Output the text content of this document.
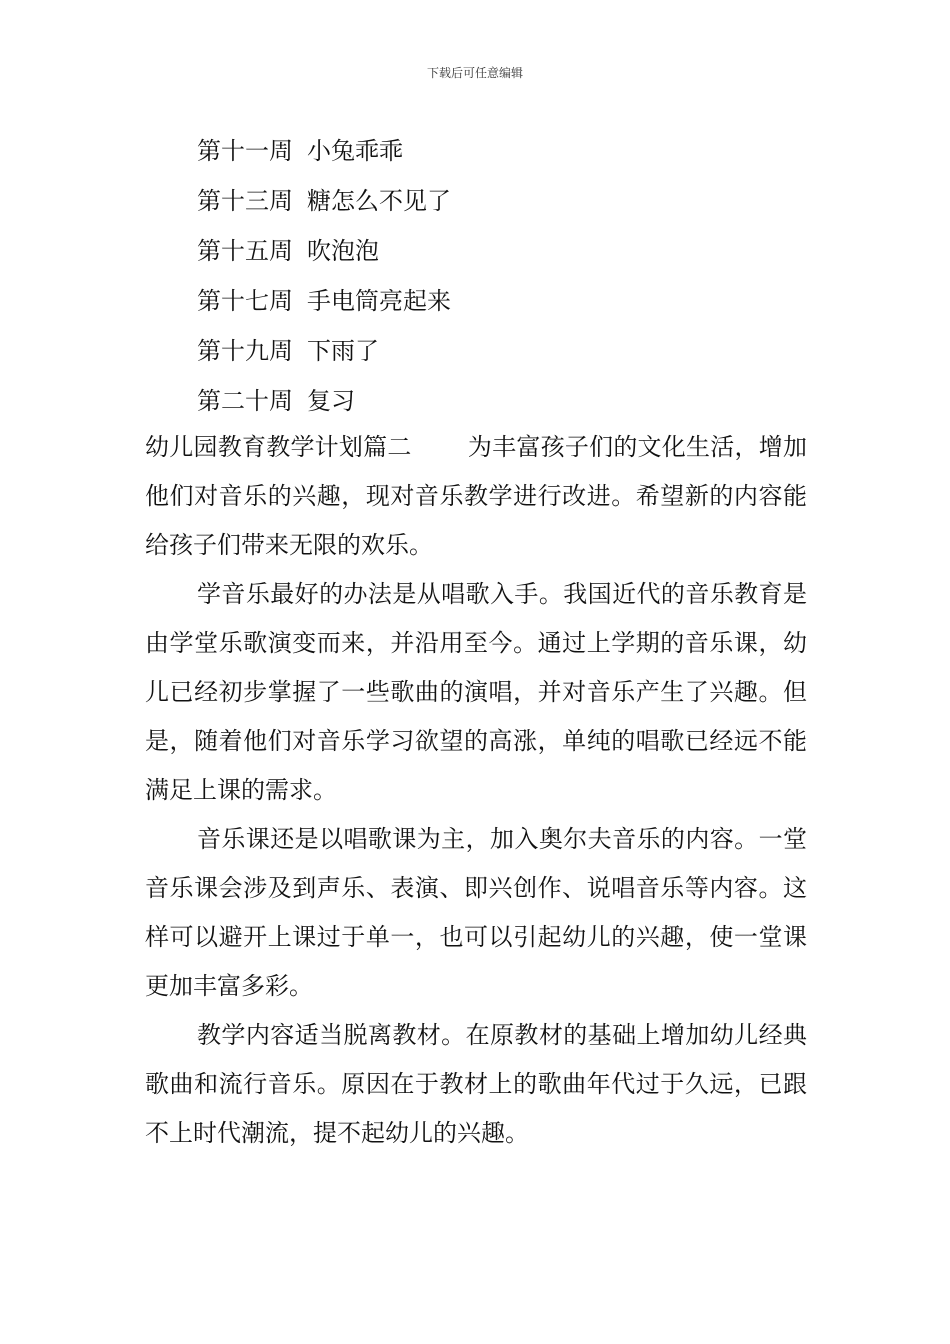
下载后可任意编辑
第十一周 小兔乖乖
第十三周 糖怎么不见了
第十五周 吹泡泡
第十七周 手电筒亮起来
第十九周 下雨了
第二十周 复习

幼儿园教育教学计划篇二 为丰富孩子们的文化生活，增加他们对音乐的兴趣，现对音乐教学进行改进。希望新的内容能给孩子们带来无限的欢乐。

学音乐最好的办法是从唱歌入手。我国近代的音乐教育是由学堂乐歌演变而来，并沿用至今。通过上学期的音乐课，幼儿已经初步掌握了一些歌曲的演唱，并对音乐产生了兴趣。但是，随着他们对音乐学习欲望的高涨，单纯的唱歌已经远不能满足上课的需求。

音乐课还是以唱歌课为主，加入奥尔夫音乐的内容。一堂音乐课会涉及到声乐、表演、即兴创作、说唱音乐等内容。这样可以避开上课过于单一，也可以引起幼儿的兴趣，使一堂课更加丰富多彩。

教学内容适当脱离教材。在原教材的基础上增加幼儿经典歌曲和流行音乐。原因在于教材上的歌曲年代过于久远，已跟不上时代潮流，提不起幼儿的兴趣。
